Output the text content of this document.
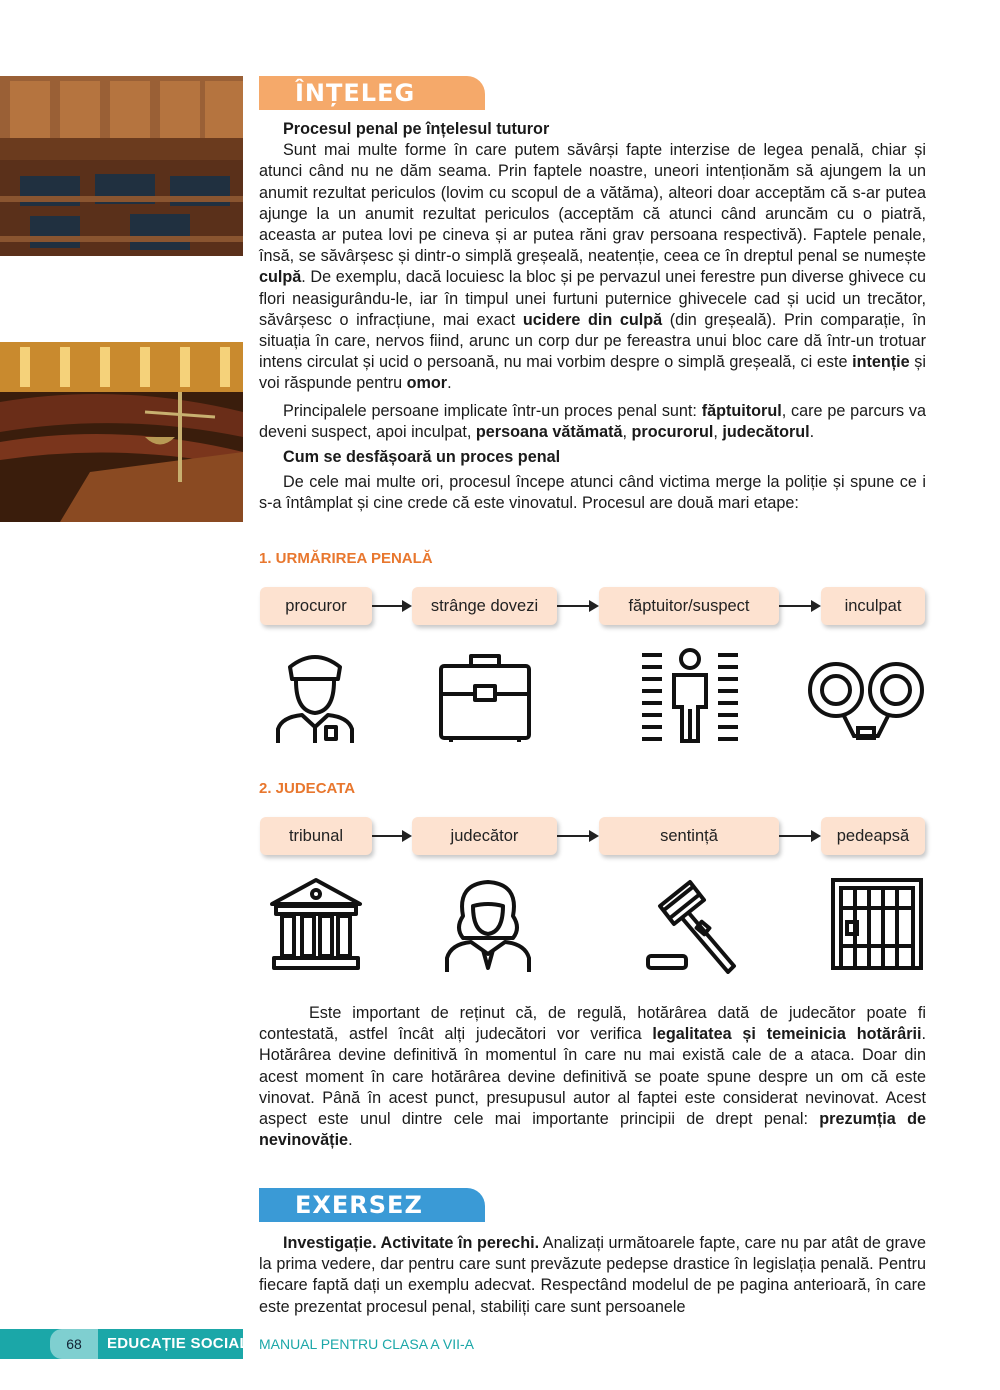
ÎNȚELEG

Procesul penal pe înțelesul tuturor

Sunt mai multe forme în care putem săvârși fapte interzise de legea penală, chiar și atunci când nu ne dăm seama. Prin faptele noastre, uneori intenționăm să ajungem la un anumit rezultat periculos (lovim cu scopul de a vătăma), alteori doar acceptăm că s-ar putea ajunge la un anumit rezultat periculos (acceptăm că atunci când aruncăm cu o piatră, aceasta ar putea lovi pe cineva și ar putea răni grav persoana respectivă). Faptele penale, însă, se săvârșesc și dintr-o simplă greșeală, neatenție, ceea ce în dreptul penal se numește culpă. De exemplu, dacă locuiesc la bloc și pe pervazul unei ferestre pun diverse ghivece cu flori neasigurându-le, iar în timpul unei furtuni puternice ghivecele cad și ucid un trecător, săvârșesc o infracțiune, mai exact ucidere din culpă (din greșeală). Prin comparație, în situația în care, nervos fiind, arunc un corp dur pe fereastra unui bloc care dă într-un trotuar intens circulat și ucid o persoană, nu mai vorbim despre o simplă greșeală, ci este intenție și voi răspunde pentru omor.

Principalele persoane implicate într-un proces penal sunt: făptuitorul, care pe parcurs va deveni suspect, apoi inculpat, persoana vătămată, procurorul, judecătorul.

Cum se desfășoară un proces penal

De cele mai multe ori, procesul începe atunci când victima merge la poliție și spune ce i s-a întâmplat și cine crede că este vinovatul. Procesul are două mari etape:

1. URMĂRIREA PENALĂ
procuror	strânge dovezi	făptuitor/suspect	inculpat
2. JUDECATA
tribunal	judecător	sentință	pedeapsă

Este important de reținut că, de regulă, hotărârea dată de judecător poate fi contestată, astfel încât alți judecători vor verifica legalitatea și temeinicia hotărârii. Hotărârea devine definitivă în momentul în care nu mai există cale de a ataca. Doar din acest moment în care hotărârea devine definitivă se poate spune despre un om că este vinovat. Până în acest punct, presupusul autor al faptei este considerat nevinovat. Acest aspect este unul dintre cele mai importante principii de drept penal: prezumția de nevinovăție.

EXERSEZ

Investigație. Activitate în perechi. Analizați următoarele fapte, care nu par atât de grave la prima vedere, dar pentru care sunt prevăzute pedepse drastice în legislația penală. Pentru fiecare faptă dați un exemplu adecvat. Respectând modelul de pe pagina anterioară, în care este prezentat procesul penal, stabiliți care sunt persoanele

68	EDUCAȚIE SOCIALĂ
MANUAL PENTRU CLASA A VII-A
